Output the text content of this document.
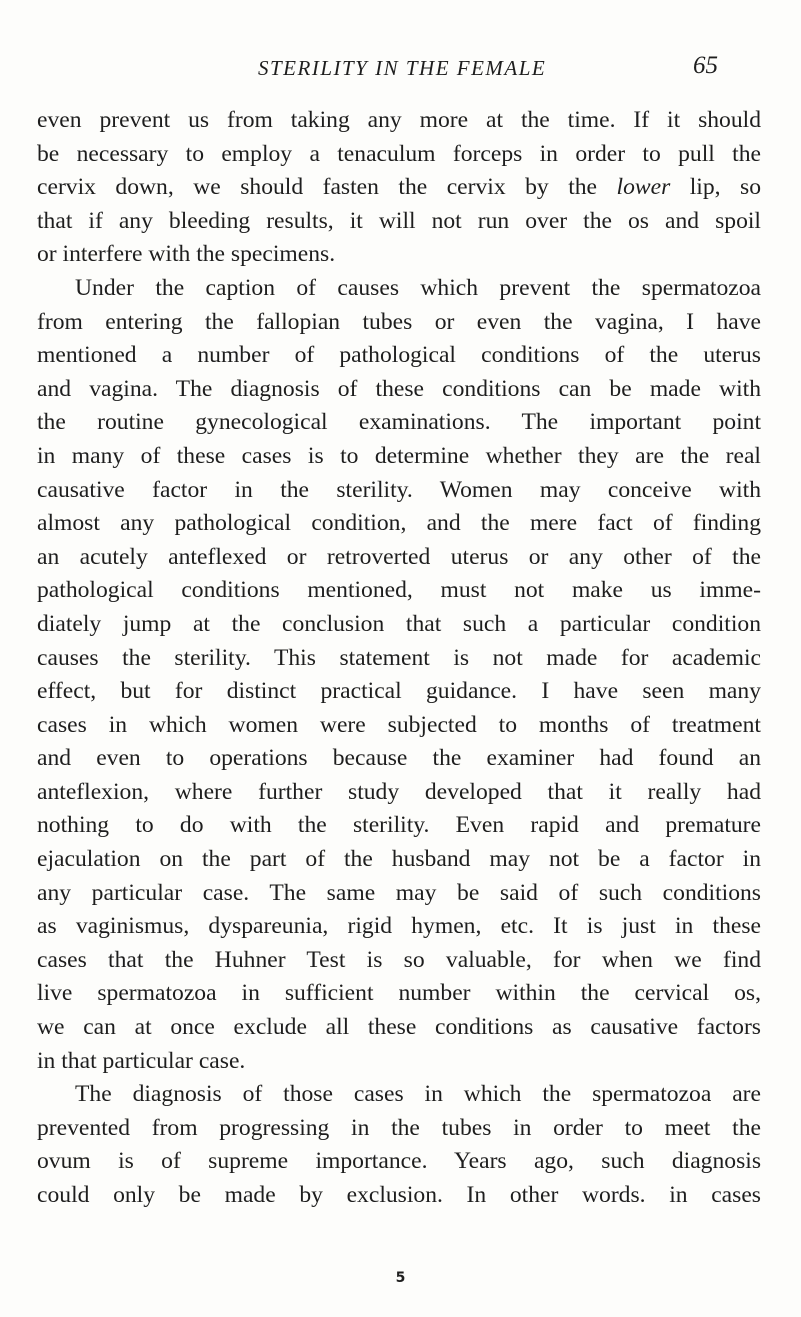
STERILITY IN THE FEMALE	65
even prevent us from taking any more at the time. If it should
be necessary to employ a tenaculum forceps in order to pull the
cervix down, we should fasten the cervix by the lower lip, so
that if any bleeding results, it will not run over the os and spoil
or interfere with the specimens.
Under the caption of causes which prevent the spermatozoa
from entering the fallopian tubes or even the vagina, I have
mentioned a number of pathological conditions of the uterus
and vagina. The diagnosis of these conditions can be made with
the routine gynecological examinations. The important point
in many of these cases is to determine whether they are the real
causative factor in the sterility. Women may conceive with
almost any pathological condition, and the mere fact of finding
an acutely anteflexed or retroverted uterus or any other of the
pathological conditions mentioned, must not make us imme-
diately jump at the conclusion that such a particular condition
causes the sterility. This statement is not made for academic
effect, but for distinct practical guidance. I have seen many
cases in which women were subjected to months of treatment
and even to operations because the examiner had found an
anteflexion, where further study developed that it really had
nothing to do with the sterility. Even rapid and premature
ejaculation on the part of the husband may not be a factor in
any particular case. The same may be said of such conditions
as vaginismus, dyspareunia, rigid hymen, etc. It is just in these
cases that the Huhner Test is so valuable, for when we find
live spermatozoa in sufficient number within the cervical os,
we can at once exclude all these conditions as causative factors
in that particular case.
The diagnosis of those cases in which the spermatozoa are
prevented from progressing in the tubes in order to meet the
ovum is of supreme importance. Years ago, such diagnosis
could only be made by exclusion. In other words. in cases
5
